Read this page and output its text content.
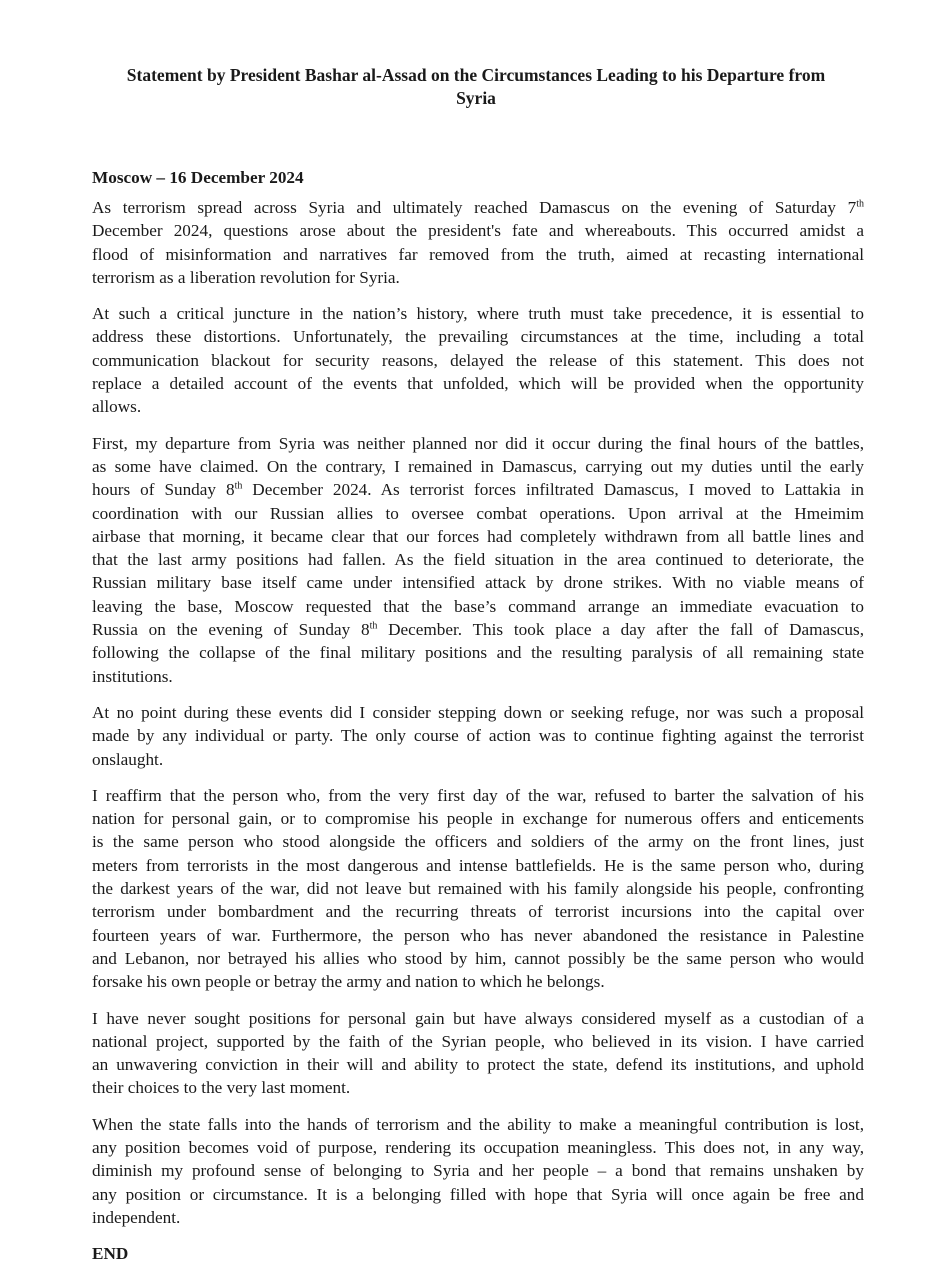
Statement by President Bashar al-Assad on the Circumstances Leading to his Departure from
Syria
Moscow – 16 December 2024
As terrorism spread across Syria and ultimately reached Damascus on the evening of Saturday 7th
December 2024, questions arose about the president's fate and whereabouts. This occurred amidst a
flood of misinformation and narratives far removed from the truth, aimed at recasting international
terrorism as a liberation revolution for Syria.
At such a critical juncture in the nation’s history, where truth must take precedence, it is essential to
address these distortions. Unfortunately, the prevailing circumstances at the time, including a total
communication blackout for security reasons, delayed the release of this statement. This does not
replace a detailed account of the events that unfolded, which will be provided when the opportunity
allows.
First, my departure from Syria was neither planned nor did it occur during the final hours of the battles,
as some have claimed. On the contrary, I remained in Damascus, carrying out my duties until the early
hours of Sunday 8th December 2024. As terrorist forces infiltrated Damascus, I moved to Lattakia in
coordination with our Russian allies to oversee combat operations. Upon arrival at the Hmeimim
airbase that morning, it became clear that our forces had completely withdrawn from all battle lines and
that the last army positions had fallen. As the field situation in the area continued to deteriorate, the
Russian military base itself came under intensified attack by drone strikes. With no viable means of
leaving the base, Moscow requested that the base’s command arrange an immediate evacuation to
Russia on the evening of Sunday 8th December. This took place a day after the fall of Damascus,
following the collapse of the final military positions and the resulting paralysis of all remaining state
institutions.
At no point during these events did I consider stepping down or seeking refuge, nor was such a proposal
made by any individual or party. The only course of action was to continue fighting against the terrorist
onslaught.
I reaffirm that the person who, from the very first day of the war, refused to barter the salvation of his
nation for personal gain, or to compromise his people in exchange for numerous offers and enticements
is the same person who stood alongside the officers and soldiers of the army on the front lines, just
meters from terrorists in the most dangerous and intense battlefields. He is the same person who, during
the darkest years of the war, did not leave but remained with his family alongside his people, confronting
terrorism under bombardment and the recurring threats of terrorist incursions into the capital over
fourteen years of war. Furthermore, the person who has never abandoned the resistance in Palestine
and Lebanon, nor betrayed his allies who stood by him, cannot possibly be the same person who would
forsake his own people or betray the army and nation to which he belongs.
I have never sought positions for personal gain but have always considered myself as a custodian of a
national project, supported by the faith of the Syrian people, who believed in its vision. I have carried
an unwavering conviction in their will and ability to protect the state, defend its institutions, and uphold
their choices to the very last moment.
When the state falls into the hands of terrorism and the ability to make a meaningful contribution is lost,
any position becomes void of purpose, rendering its occupation meaningless. This does not, in any way,
diminish my profound sense of belonging to Syria and her people – a bond that remains unshaken by
any position or circumstance. It is a belonging filled with hope that Syria will once again be free and
independent.
END
